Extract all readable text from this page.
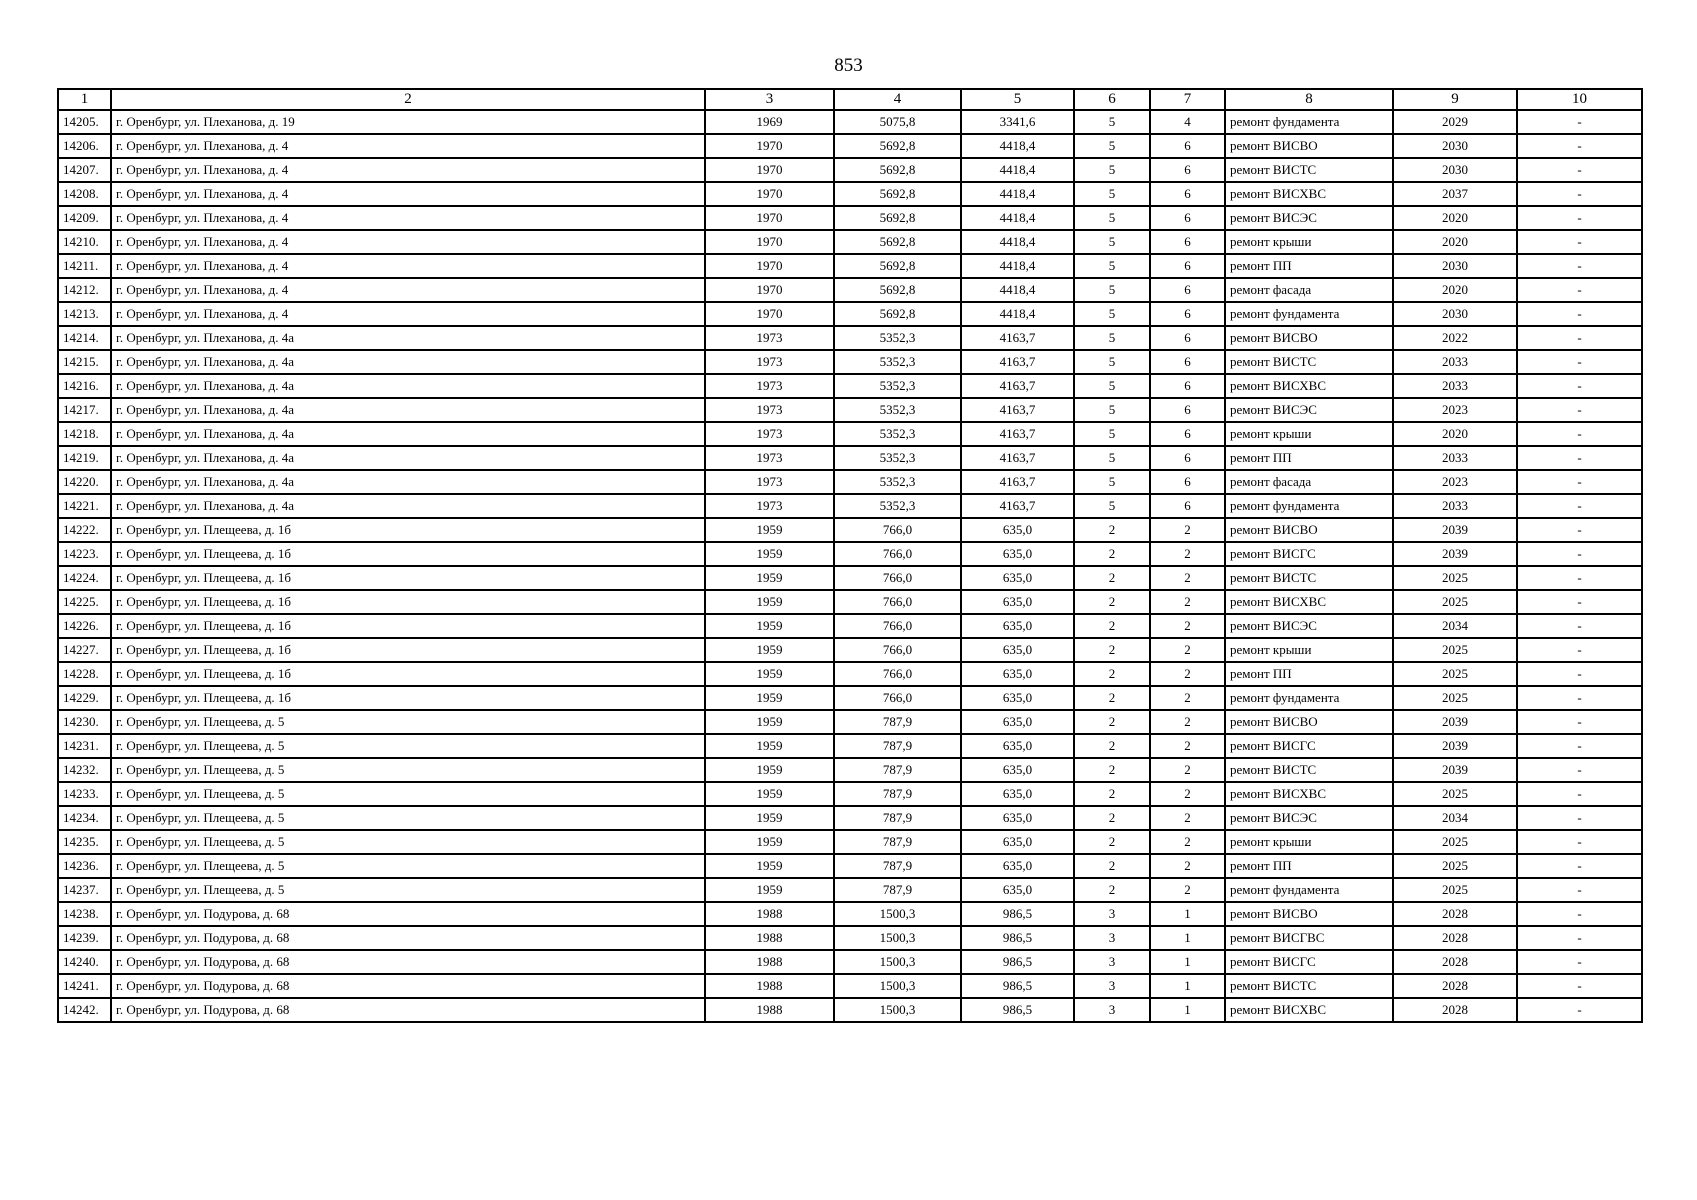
853
1	2	3	4	5	6	7	8	9	10
14205.	г. Оренбург, ул. Плеханова, д. 19	1969	5075,8	3341,6	5	4	ремонт фундамента	2029	-
14206.	г. Оренбург, ул. Плеханова, д. 4	1970	5692,8	4418,4	5	6	ремонт ВИСВО	2030	-
14207.	г. Оренбург, ул. Плеханова, д. 4	1970	5692,8	4418,4	5	6	ремонт ВИСТС	2030	-
14208.	г. Оренбург, ул. Плеханова, д. 4	1970	5692,8	4418,4	5	6	ремонт ВИСХВС	2037	-
14209.	г. Оренбург, ул. Плеханова, д. 4	1970	5692,8	4418,4	5	6	ремонт ВИСЭС	2020	-
14210.	г. Оренбург, ул. Плеханова, д. 4	1970	5692,8	4418,4	5	6	ремонт крыши	2020	-
14211.	г. Оренбург, ул. Плеханова, д. 4	1970	5692,8	4418,4	5	6	ремонт ПП	2030	-
14212.	г. Оренбург, ул. Плеханова, д. 4	1970	5692,8	4418,4	5	6	ремонт фасада	2020	-
14213.	г. Оренбург, ул. Плеханова, д. 4	1970	5692,8	4418,4	5	6	ремонт фундамента	2030	-
14214.	г. Оренбург, ул. Плеханова, д. 4а	1973	5352,3	4163,7	5	6	ремонт ВИСВО	2022	-
14215.	г. Оренбург, ул. Плеханова, д. 4а	1973	5352,3	4163,7	5	6	ремонт ВИСТС	2033	-
14216.	г. Оренбург, ул. Плеханова, д. 4а	1973	5352,3	4163,7	5	6	ремонт ВИСХВС	2033	-
14217.	г. Оренбург, ул. Плеханова, д. 4а	1973	5352,3	4163,7	5	6	ремонт ВИСЭС	2023	-
14218.	г. Оренбург, ул. Плеханова, д. 4а	1973	5352,3	4163,7	5	6	ремонт крыши	2020	-
14219.	г. Оренбург, ул. Плеханова, д. 4а	1973	5352,3	4163,7	5	6	ремонт ПП	2033	-
14220.	г. Оренбург, ул. Плеханова, д. 4а	1973	5352,3	4163,7	5	6	ремонт фасада	2023	-
14221.	г. Оренбург, ул. Плеханова, д. 4а	1973	5352,3	4163,7	5	6	ремонт фундамента	2033	-
14222.	г. Оренбург, ул. Плещеева, д. 1б	1959	766,0	635,0	2	2	ремонт ВИСВО	2039	-
14223.	г. Оренбург, ул. Плещеева, д. 1б	1959	766,0	635,0	2	2	ремонт ВИСГС	2039	-
14224.	г. Оренбург, ул. Плещеева, д. 1б	1959	766,0	635,0	2	2	ремонт ВИСТС	2025	-
14225.	г. Оренбург, ул. Плещеева, д. 1б	1959	766,0	635,0	2	2	ремонт ВИСХВС	2025	-
14226.	г. Оренбург, ул. Плещеева, д. 1б	1959	766,0	635,0	2	2	ремонт ВИСЭС	2034	-
14227.	г. Оренбург, ул. Плещеева, д. 1б	1959	766,0	635,0	2	2	ремонт крыши	2025	-
14228.	г. Оренбург, ул. Плещеева, д. 1б	1959	766,0	635,0	2	2	ремонт ПП	2025	-
14229.	г. Оренбург, ул. Плещеева, д. 1б	1959	766,0	635,0	2	2	ремонт фундамента	2025	-
14230.	г. Оренбург, ул. Плещеева, д. 5	1959	787,9	635,0	2	2	ремонт ВИСВО	2039	-
14231.	г. Оренбург, ул. Плещеева, д. 5	1959	787,9	635,0	2	2	ремонт ВИСГС	2039	-
14232.	г. Оренбург, ул. Плещеева, д. 5	1959	787,9	635,0	2	2	ремонт ВИСТС	2039	-
14233.	г. Оренбург, ул. Плещеева, д. 5	1959	787,9	635,0	2	2	ремонт ВИСХВС	2025	-
14234.	г. Оренбург, ул. Плещеева, д. 5	1959	787,9	635,0	2	2	ремонт ВИСЭС	2034	-
14235.	г. Оренбург, ул. Плещеева, д. 5	1959	787,9	635,0	2	2	ремонт крыши	2025	-
14236.	г. Оренбург, ул. Плещеева, д. 5	1959	787,9	635,0	2	2	ремонт ПП	2025	-
14237.	г. Оренбург, ул. Плещеева, д. 5	1959	787,9	635,0	2	2	ремонт фундамента	2025	-
14238.	г. Оренбург, ул. Подурова, д. 68	1988	1500,3	986,5	3	1	ремонт ВИСВО	2028	-
14239.	г. Оренбург, ул. Подурова, д. 68	1988	1500,3	986,5	3	1	ремонт ВИСГВС	2028	-
14240.	г. Оренбург, ул. Подурова, д. 68	1988	1500,3	986,5	3	1	ремонт ВИСГС	2028	-
14241.	г. Оренбург, ул. Подурова, д. 68	1988	1500,3	986,5	3	1	ремонт ВИСТС	2028	-
14242.	г. Оренбург, ул. Подурова, д. 68	1988	1500,3	986,5	3	1	ремонт ВИСХВС	2028	-
